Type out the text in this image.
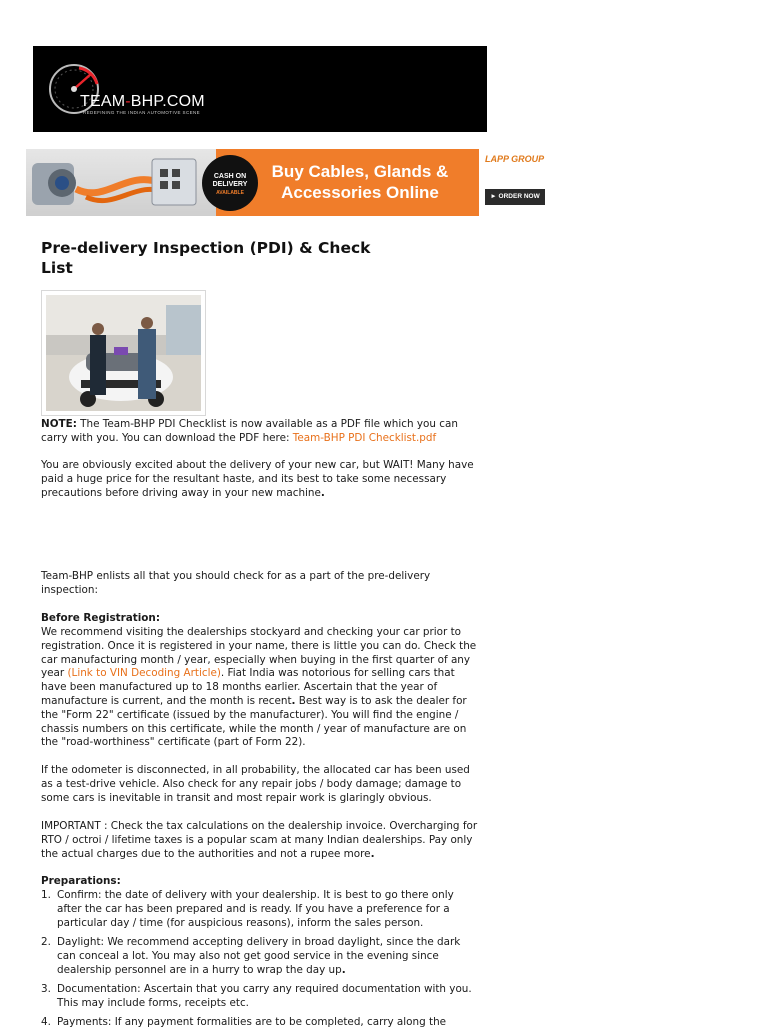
TEAM-BHP.COM
REDEFINING THE INDIAN AUTOMOTIVE SCENE
CASH ON
DELIVERY
AVAILABLE
Buy Cables, Glands &
Accessories Online
LAPP GROUP
► ORDER NOW
Pre-delivery Inspection (PDI) & Check List

NOTE: The Team-BHP PDI Checklist is now available as a PDF file which you can carry with you. You can download the PDF here: Team-BHP PDI Checklist.pdf

You are obviously excited about the delivery of your new car, but WAIT! Many have paid a huge price for the resultant haste, and its best to take some necessary precautions before driving away in your new machine.

Team-BHP enlists all that you should check for as a part of the pre-delivery inspection:

Before Registration:

We recommend visiting the dealerships stockyard and checking your car prior to registration. Once it is registered in your name, there is little you can do. Check the car manufacturing month / year, especially when buying in the first quarter of any year (Link to VIN Decoding Article). Fiat India was notorious for selling cars that have been manufactured up to 18 months earlier. Ascertain that the year of manufacture is current, and the month is recent. Best way is to ask the dealer for the "Form 22" certificate (issued by the manufacturer). You will find the engine / chassis numbers on this certificate, while the month / year of manufacture are on the "road-worthiness" certificate (part of Form 22).

If the odometer is disconnected, in all probability, the allocated car has been used as a test-drive vehicle. Also check for any repair jobs / body damage; damage to some cars is inevitable in transit and most repair work is glaringly obvious.

IMPORTANT : Check the tax calculations on the dealership invoice. Overcharging for RTO / octroi / lifetime taxes is a popular scam at many Indian dealerships. Pay only the actual charges due to the authorities and not a rupee more.

Preparations:

1. Confirm: the date of delivery with your dealership. It is best to go there only after the car has been prepared and is ready. If you have a preference for a particular day / time (for auspicious reasons), inform the sales person.
2. Daylight: We recommend accepting delivery in broad daylight, since the dark can conceal a lot. You may also not get good service in the evening since dealership personnel are in a hurry to wrap the day up.
3. Documentation: Ascertain that you carry any required documentation with you. This may include forms, receipts etc.
4. Payments: If any payment formalities are to be completed, carry along the
